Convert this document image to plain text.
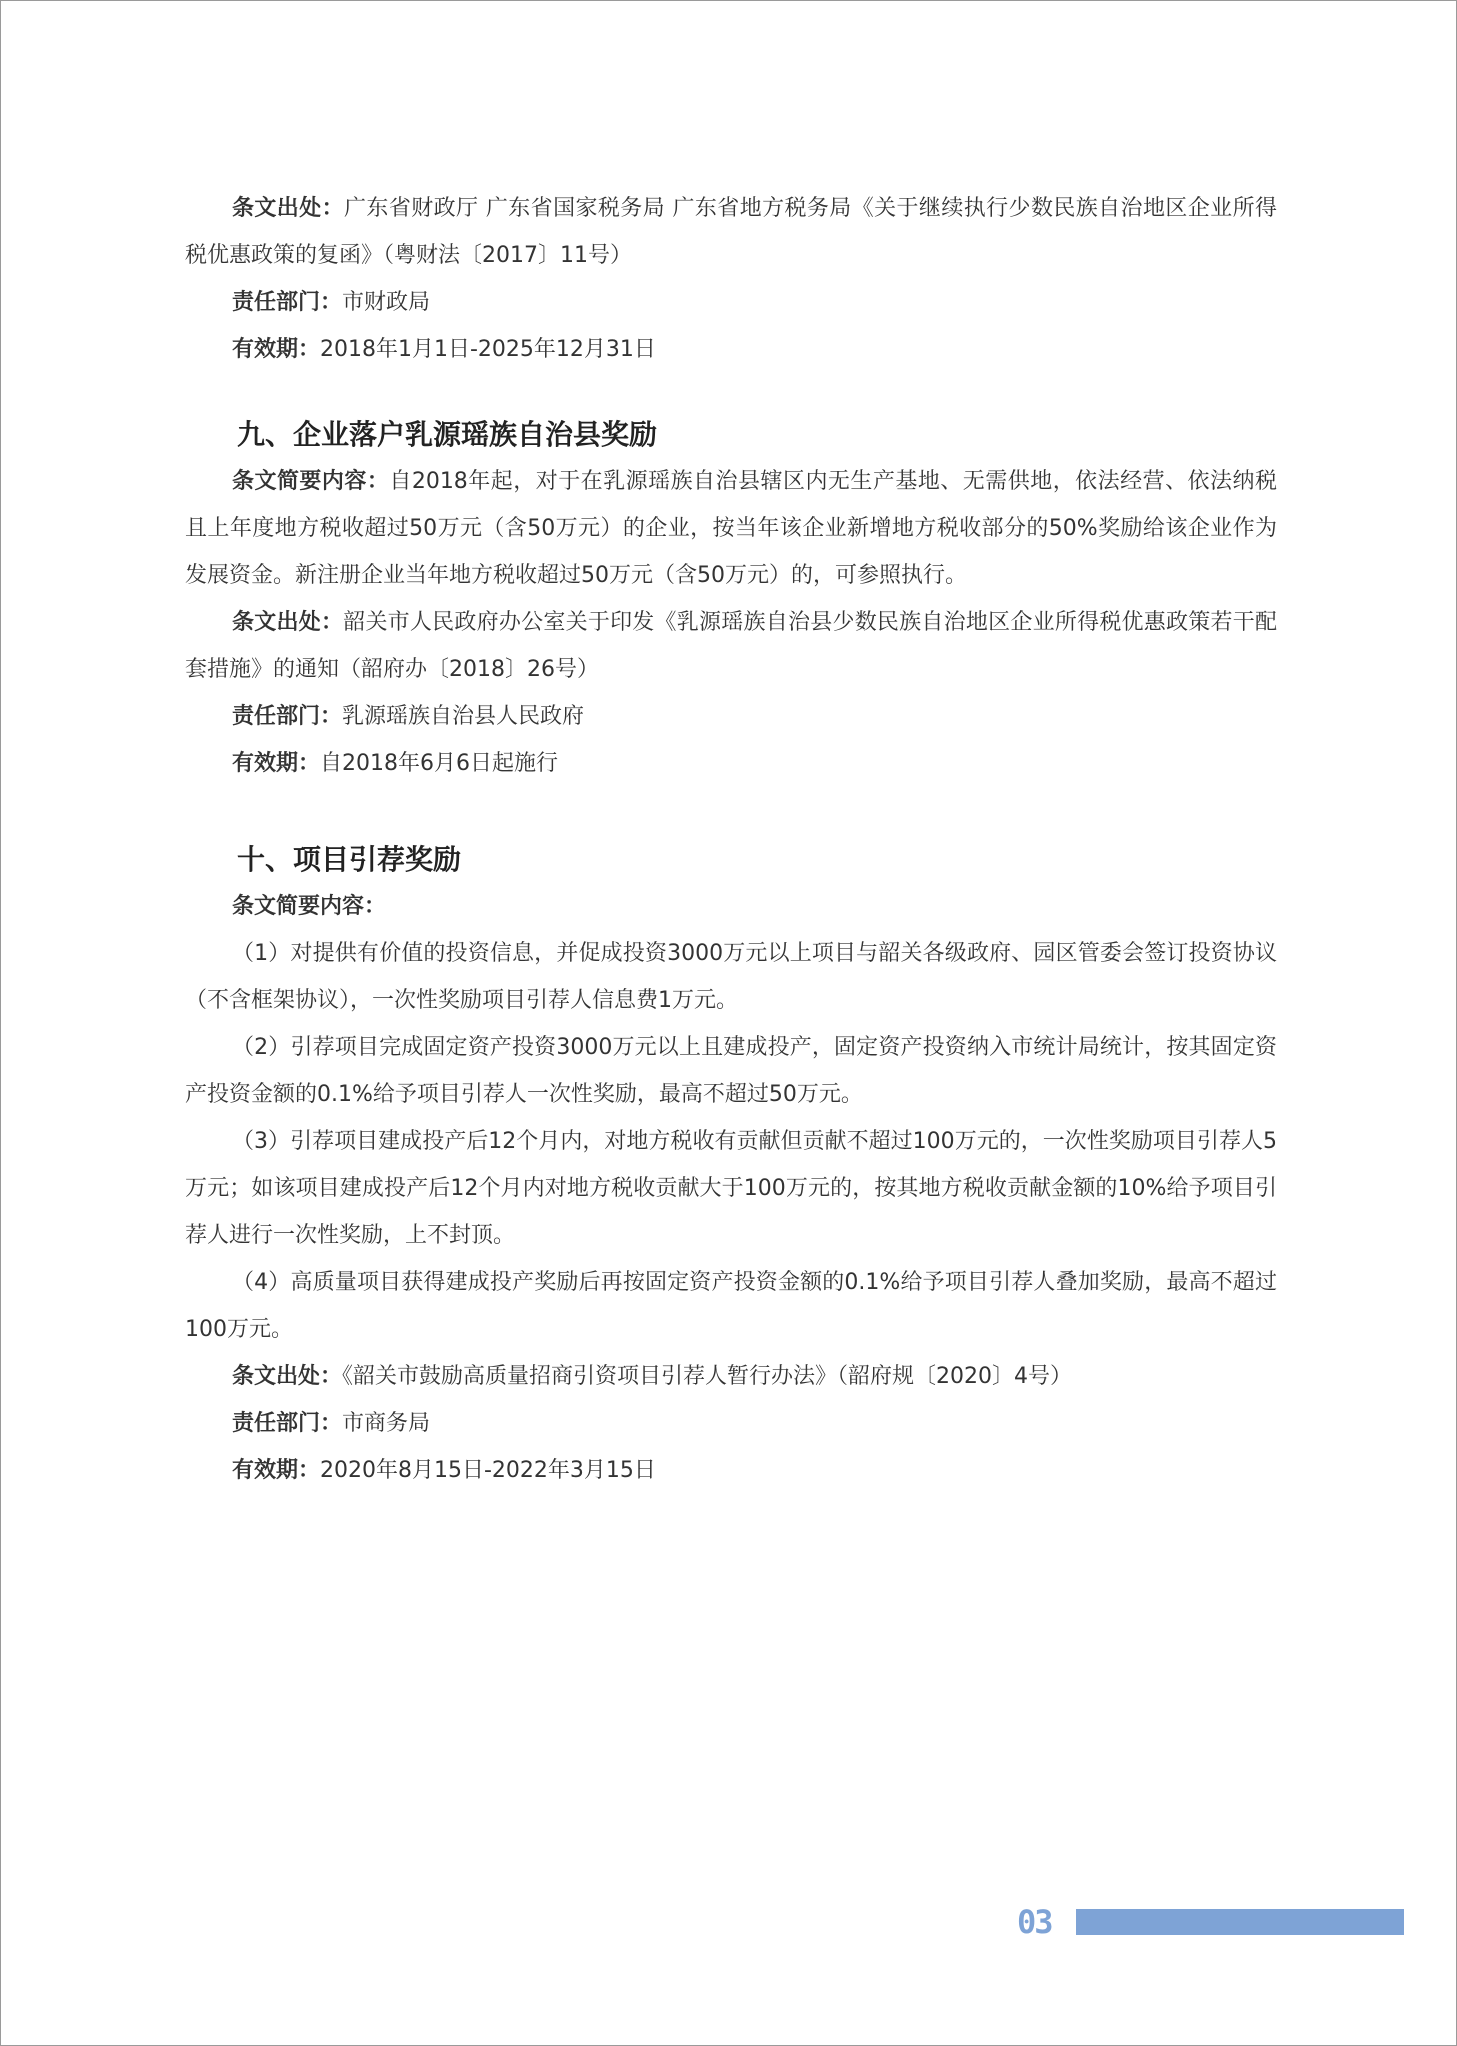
条文出处：广东省财政厅 广东省国家税务局 广东省地方税务局《关于继续执行少数民族自治地区企业所得税优惠政策的复函》（粤财法〔2017〕11号）

责任部门：市财政局

有效期：2018年1月1日-2025年12月31日

九、企业落户乳源瑶族自治县奖励

条文简要内容：自2018年起，对于在乳源瑶族自治县辖区内无生产基地、无需供地，依法经营、依法纳税且上年度地方税收超过50万元（含50万元）的企业，按当年该企业新增地方税收部分的50%奖励给该企业作为发展资金。新注册企业当年地方税收超过50万元（含50万元）的，可参照执行。

条文出处：韶关市人民政府办公室关于印发《乳源瑶族自治县少数民族自治地区企业所得税优惠政策若干配套措施》的通知（韶府办〔2018〕26号）

责任部门：乳源瑶族自治县人民政府

有效期：自2018年6月6日起施行

十、项目引荐奖励

条文简要内容：

（1）对提供有价值的投资信息，并促成投资3000万元以上项目与韶关各级政府、园区管委会签订投资协议（不含框架协议），一次性奖励项目引荐人信息费1万元。

（2）引荐项目完成固定资产投资3000万元以上且建成投产，固定资产投资纳入市统计局统计，按其固定资产投资金额的0.1%给予项目引荐人一次性奖励，最高不超过50万元。

（3）引荐项目建成投产后12个月内，对地方税收有贡献但贡献不超过100万元的，一次性奖励项目引荐人5万元；如该项目建成投产后12个月内对地方税收贡献大于100万元的，按其地方税收贡献金额的10%给予项目引荐人进行一次性奖励，上不封顶。

（4）高质量项目获得建成投产奖励后再按固定资产投资金额的0.1%给予项目引荐人叠加奖励，最高不超过100万元。

条文出处：《韶关市鼓励高质量招商引资项目引荐人暂行办法》（韶府规〔2020〕4号）

责任部门：市商务局

有效期：2020年8月15日-2022年3月15日

03
